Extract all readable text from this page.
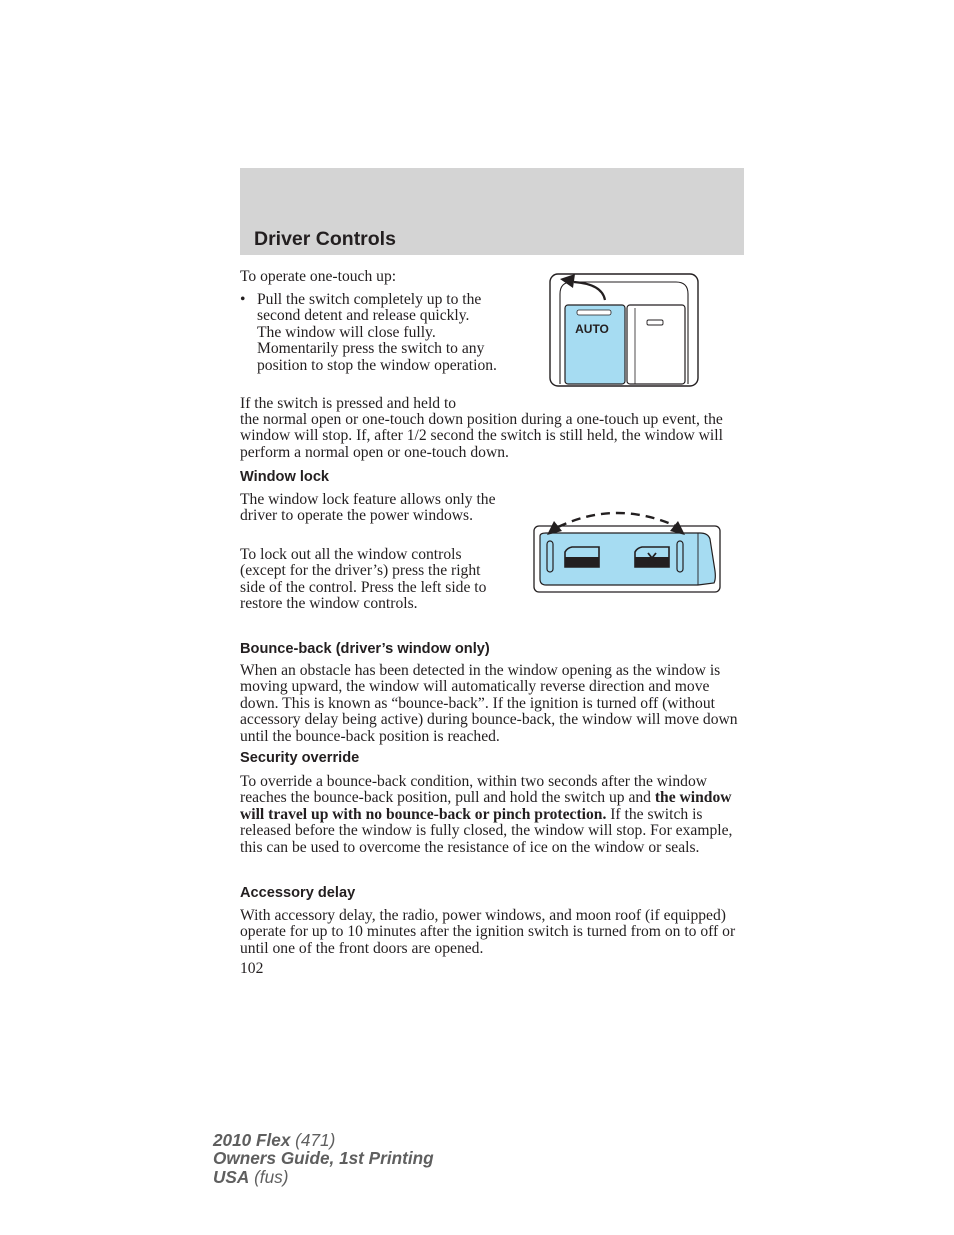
Driver Controls

To operate one-touch up:

• Pull the switch completely up to the second detent and release quickly. The window will close fully. Momentarily press the switch to any position to stop the window operation.

If the switch is pressed and held to

the normal open or one-touch down position during a one-touch up event, the window will stop. If, after 1/2 second the switch is still held, the window will perform a normal open or one-touch down.

AUTO
Window lock

The window lock feature allows only the driver to operate the power windows.

To lock out all the window controls (except for the driver’s) press the right side of the control. Press the left side to restore the window controls.

Bounce-back (driver’s window only)

When an obstacle has been detected in the window opening as the window is moving upward, the window will automatically reverse direction and move down. This is known as “bounce-back”. If the ignition is turned off (without accessory delay being active) during bounce-back, the window will move down until the bounce-back position is reached.

Security override

To override a bounce-back condition, within two seconds after the window reaches the bounce-back position, pull and hold the switch up and the window will travel up with no bounce-back or pinch protection. If the switch is released before the window is fully closed, the window will stop. For example, this can be used to overcome the resistance of ice on the window or seals.

Accessory delay

With accessory delay, the radio, power windows, and moon roof (if equipped) operate for up to 10 minutes after the ignition switch is turned from on to off or until one of the front doors are opened.

102

2010 Flex (471)
Owners Guide, 1st Printing
USA (fus)
